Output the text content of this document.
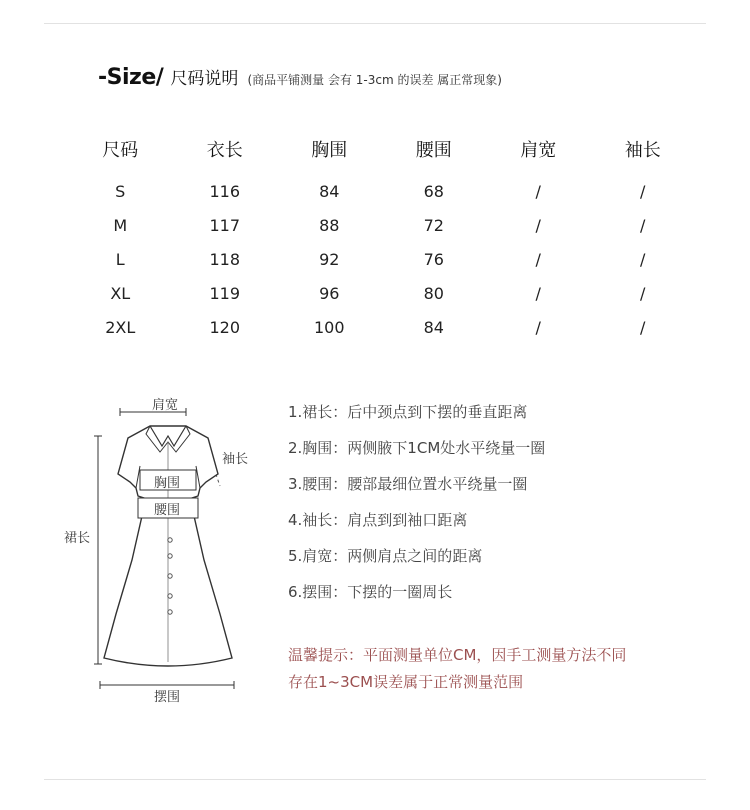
-Size/ 尺码说明 (商品平铺测量 会有 1-3cm 的误差 属正常现象)
尺码	衣长	胸围	腰围	肩宽	袖长
S	116	84	68	/	/
M	117	88	72	/	/
L	118	92	76	/	/
XL	119	96	80	/	/
2XL	120	100	84	/	/
肩宽
袖长
胸围
腰围
裙长
摆围
1.裙长：后中颈点到下摆的垂直距离
2.胸围：两侧腋下1CM处水平绕量一圈
3.腰围：腰部最细位置水平绕量一圈
4.袖长：肩点到到袖口距离
5.肩宽：两侧肩点之间的距离
6.摆围：下摆的一圈周长
温馨提示：平面测量单位CM，因手工测量方法不同
存在1~3CM误差属于正常测量范围
